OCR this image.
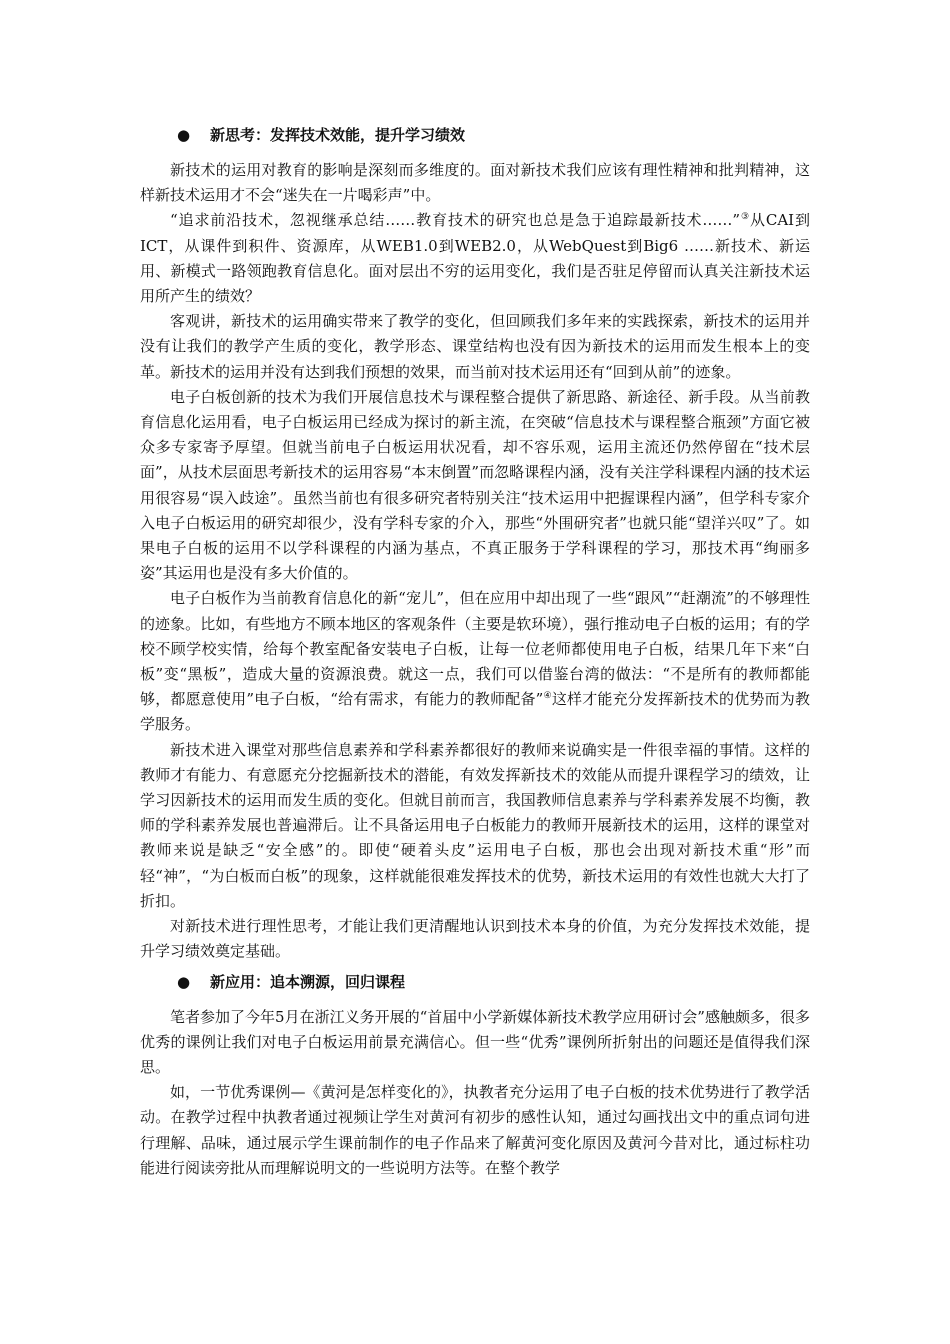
● 新思考：发挥技术效能，提升学习绩效

新技术的运用对教育的影响是深刻而多维度的。面对新技术我们应该有理性精神和批判精神，这样新技术运用才不会“迷失在一片喝彩声”中。

“追求前沿技术，忽视继承总结……教育技术的研究也总是急于追踪最新技术……”③从CAI到ICT，从课件到积件、资源库，从WEB1.0到WEB2.0，从WebQuest到Big6 ……新技术、新运用、新模式一路领跑教育信息化。面对层出不穷的运用变化，我们是否驻足停留而认真关注新技术运用所产生的绩效？

客观讲，新技术的运用确实带来了教学的变化，但回顾我们多年来的实践探索，新技术的运用并没有让我们的教学产生质的变化，教学形态、课堂结构也没有因为新技术的运用而发生根本上的变革。新技术的运用并没有达到我们预想的效果，而当前对技术运用还有“回到从前”的迹象。

电子白板创新的技术为我们开展信息技术与课程整合提供了新思路、新途径、新手段。从当前教育信息化运用看，电子白板运用已经成为探讨的新主流，在突破“信息技术与课程整合瓶颈”方面它被众多专家寄予厚望。但就当前电子白板运用状况看，却不容乐观，运用主流还仍然停留在“技术层面”，从技术层面思考新技术的运用容易“本末倒置”而忽略课程内涵，没有关注学科课程内涵的技术运用很容易“误入歧途”。虽然当前也有很多研究者特别关注“技术运用中把握课程内涵”，但学科专家介入电子白板运用的研究却很少，没有学科专家的介入，那些“外围研究者”也就只能“望洋兴叹”了。如果电子白板的运用不以学科课程的内涵为基点，不真正服务于学科课程的学习，那技术再“绚丽多姿”其运用也是没有多大价值的。

电子白板作为当前教育信息化的新“宠儿”，但在应用中却出现了一些“跟风”“赶潮流”的不够理性的迹象。比如，有些地方不顾本地区的客观条件（主要是软环境），强行推动电子白板的运用；有的学校不顾学校实情，给每个教室配备安装电子白板，让每一位老师都使用电子白板，结果几年下来“白板”变“黑板”，造成大量的资源浪费。就这一点，我们可以借鉴台湾的做法：“不是所有的教师都能够，都愿意使用”电子白板，“给有需求，有能力的教师配备”④这样才能充分发挥新技术的优势而为教学服务。

新技术进入课堂对那些信息素养和学科素养都很好的教师来说确实是一件很幸福的事情。这样的教师才有能力、有意愿充分挖掘新技术的潜能，有效发挥新技术的效能从而提升课程学习的绩效，让学习因新技术的运用而发生质的变化。但就目前而言，我国教师信息素养与学科素养发展不均衡，教师的学科素养发展也普遍滞后。让不具备运用电子白板能力的教师开展新技术的运用，这样的课堂对教师来说是缺乏“安全感”的。即使“硬着头皮”运用电子白板，那也会出现对新技术重“形”而轻“神”，“为白板而白板”的现象，这样就能很难发挥技术的优势，新技术运用的有效性也就大大打了折扣。

对新技术进行理性思考，才能让我们更清醒地认识到技术本身的价值，为充分发挥技术效能，提升学习绩效奠定基础。

● 新应用：追本溯源，回归课程

笔者参加了今年5月在浙江义务开展的“首届中小学新媒体新技术教学应用研讨会”感触颇多，很多优秀的课例让我们对电子白板运用前景充满信心。但一些“优秀”课例所折射出的问题还是值得我们深思。

如，一节优秀课例—《黄河是怎样变化的》，执教者充分运用了电子白板的技术优势进行了教学活动。在教学过程中执教者通过视频让学生对黄河有初步的感性认知，通过勾画找出文中的重点词句进行理解、品味，通过展示学生课前制作的电子作品来了解黄河变化原因及黄河今昔对比，通过标柱功能进行阅读旁批从而理解说明文的一些说明方法等。在整个教学
